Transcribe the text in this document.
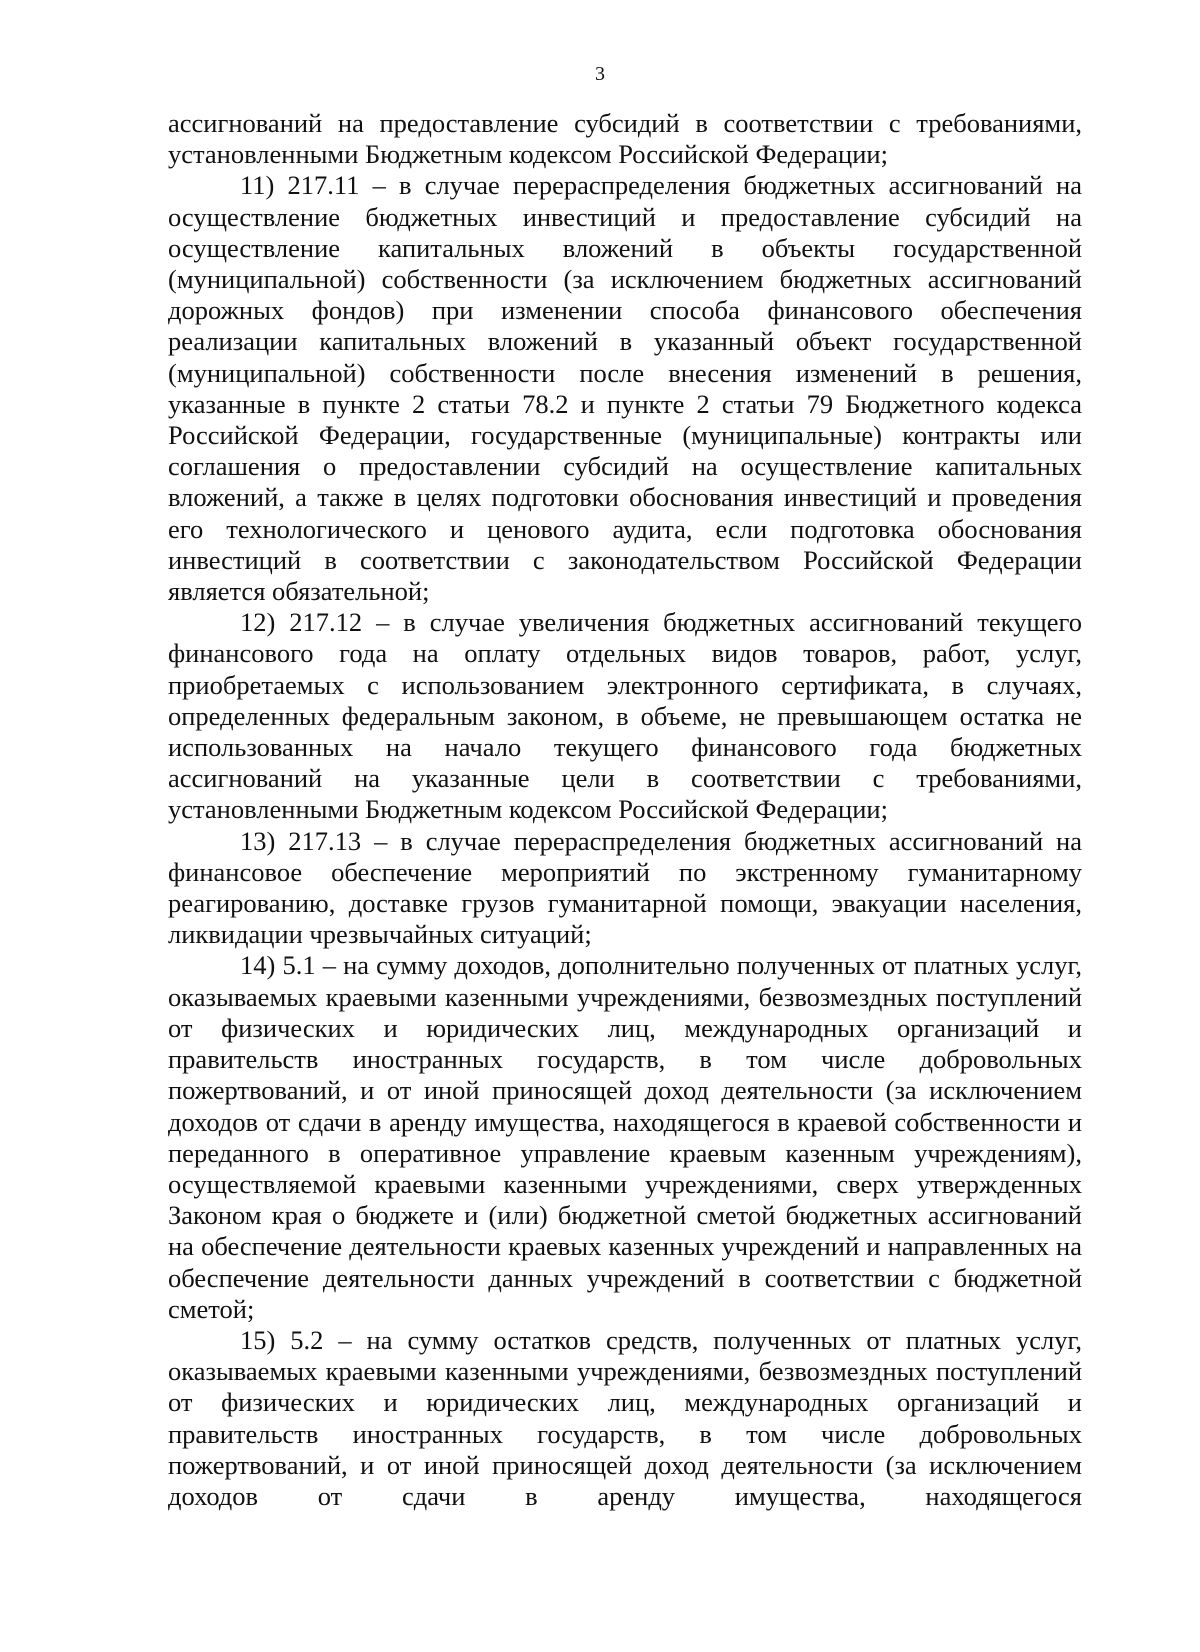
3

ассигнований на предоставление субсидий в соответствии с требованиями, установленными Бюджетным кодексом Российской Федерации;

11) 217.11 – в случае перераспределения бюджетных ассигнований на осуществление бюджетных инвестиций и предоставление субсидий на осуществление капитальных вложений в объекты государственной (муниципальной) собственности (за исключением бюджетных ассигнований дорожных фондов) при изменении способа финансового обеспечения реализации капитальных вложений в указанный объект государственной (муниципальной) собственности после внесения изменений в решения, указанные в пункте 2 статьи 78.2 и пункте 2 статьи 79 Бюджетного кодекса Российской Федерации, государственные (муниципальные) контракты или соглашения о предоставлении субсидий на осуществление капитальных вложений, а также в целях подготовки обоснования инвестиций и проведения его технологического и ценового аудита, если подготовка обоснования инвестиций в соответствии с законодательством Российской Федерации является обязательной;

12) 217.12 – в случае увеличения бюджетных ассигнований текущего финансового года на оплату отдельных видов товаров, работ, услуг, приобретаемых с использованием электронного сертификата, в случаях, определенных федеральным законом, в объеме, не превышающем остатка не использованных на начало текущего финансового года бюджетных ассигнований на указанные цели в соответствии с требованиями, установленными Бюджетным кодексом Российской Федерации;

13) 217.13 – в случае перераспределения бюджетных ассигнований на финансовое обеспечение мероприятий по экстренному гуманитарному реагированию, доставке грузов гуманитарной помощи, эвакуации населения, ликвидации чрезвычайных ситуаций;

14) 5.1 – на сумму доходов, дополнительно полученных от платных услуг, оказываемых краевыми казенными учреждениями, безвозмездных поступлений от физических и юридических лиц, международных организаций и правительств иностранных государств, в том числе добровольных пожертвований, и от иной приносящей доход деятельности (за исключением доходов от сдачи в аренду имущества, находящегося в краевой собственности и переданного в оперативное управление краевым казенным учреждениям), осуществляемой краевыми казенными учреждениями, сверх утвержденных Законом края о бюджете и (или) бюджетной сметой бюджетных ассигнований на обеспечение деятельности краевых казенных учреждений и направленных на обеспечение деятельности данных учреждений в соответствии с бюджетной сметой;

15) 5.2 – на сумму остатков средств, полученных от платных услуг, оказываемых краевыми казенными учреждениями, безвозмездных поступлений от физических и юридических лиц, международных организаций и правительств иностранных государств, в том числе добровольных пожертвований, и от иной приносящей доход деятельности (за исключением доходов от сдачи в аренду имущества, находящегося
